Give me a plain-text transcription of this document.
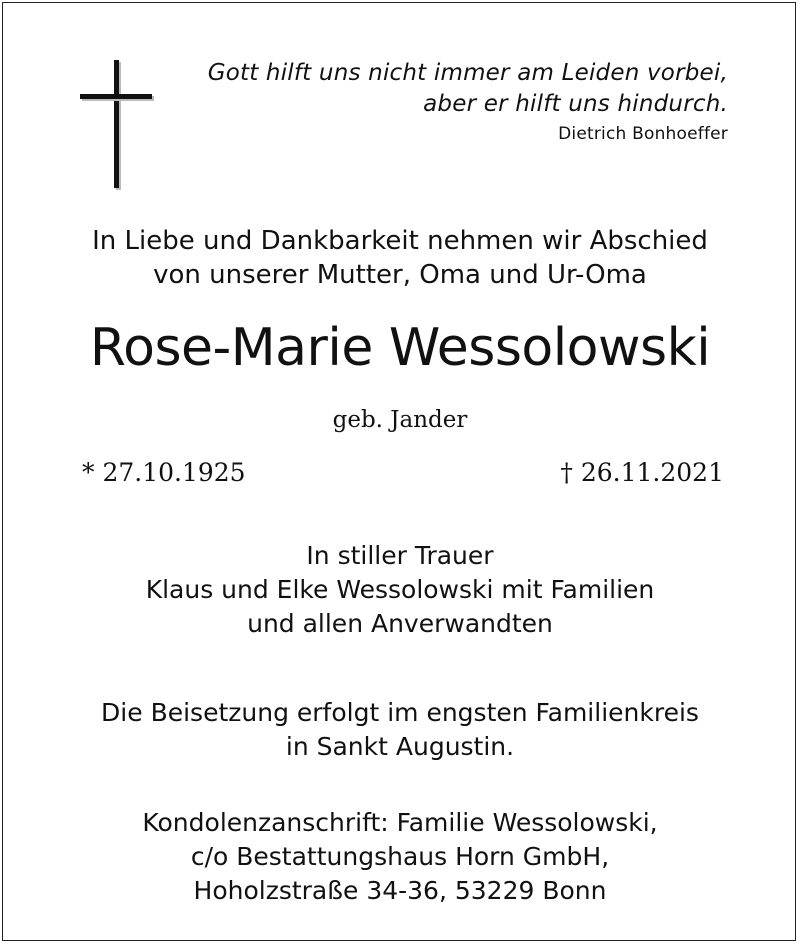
Gott hilft uns nicht immer am Leiden vorbei,
aber er hilft uns hindurch.
Dietrich Bonhoeffer
In Liebe und Dankbarkeit nehmen wir Abschied
von unserer Mutter, Oma und Ur-Oma
Rose-Marie Wessolowski
geb. Jander
* 27.10.1925	† 26.11.2021
In stiller Trauer
Klaus und Elke Wessolowski mit Familien
und allen Anverwandten
Die Beisetzung erfolgt im engsten Familienkreis
in Sankt Augustin.
Kondolenzanschrift: Familie Wessolowski,
c/o Bestattungshaus Horn GmbH,
Hoholzstraße 34-36, 53229 Bonn
